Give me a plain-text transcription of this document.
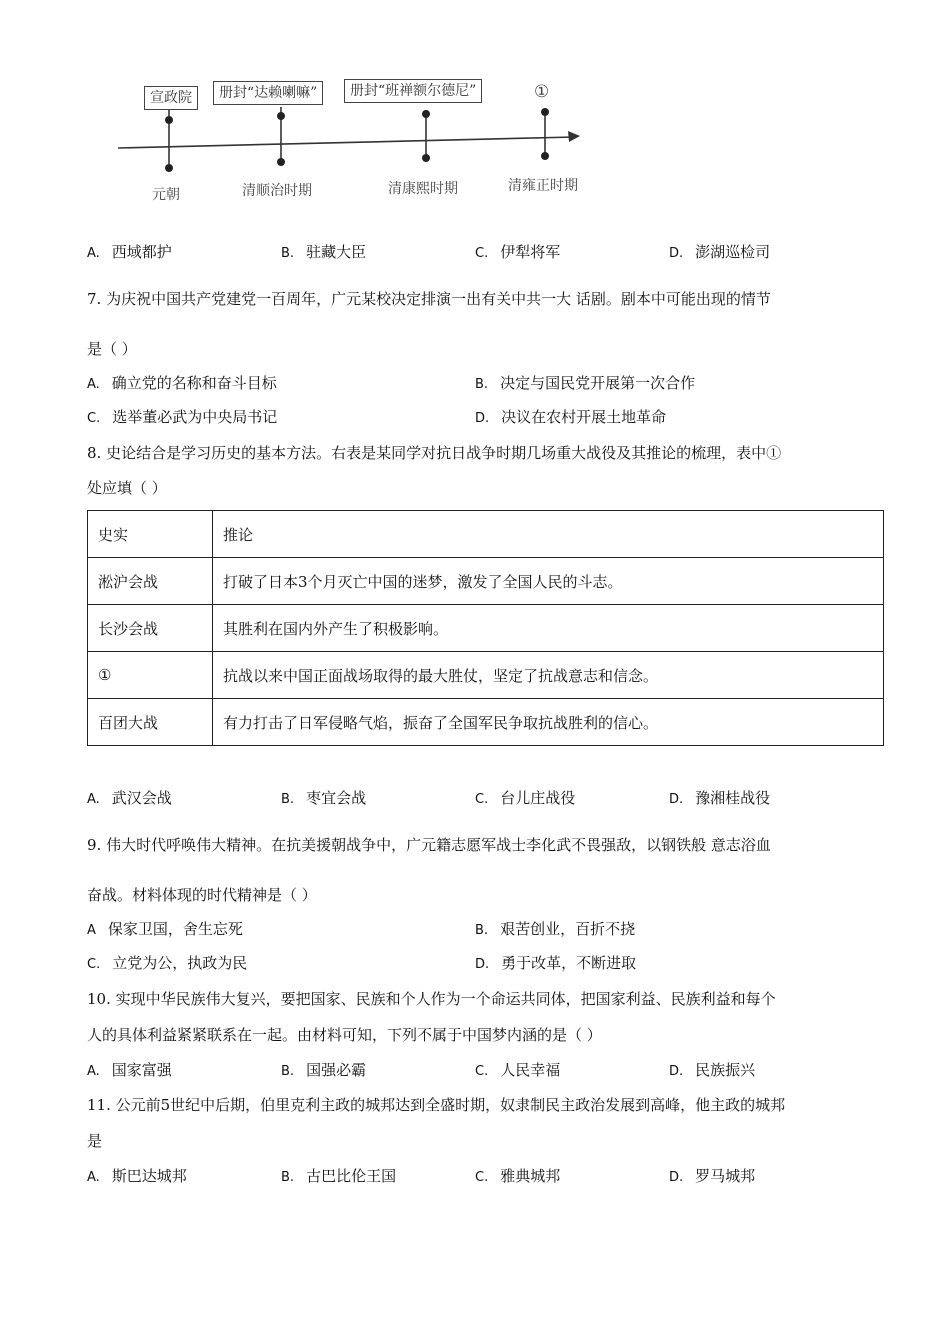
宣政院	册封“达赖喇嘛”	册封“班禅额尔德尼”	①
元朝	清顺治时期	清康熙时期	清雍正时期
A. 西域都护	B. 驻藏大臣	C. 伊犁将军	D. 澎湖巡检司
7. 为庆祝中国共产党建党一百周年，广元某校决定排演一出有关中共一大 话剧。剧本中可能出现的情节
是（ ）
A. 确立党的名称和奋斗目标	B. 决定与国民党开展第一次合作
C. 选举董必武为中央局书记	D. 决议在农村开展土地革命
8. 史论结合是学习历史的基本方法。右表是某同学对抗日战争时期几场重大战役及其推论的梳理，表中①
处应填（ ）
史实	推论
淞沪会战	打破了日本3个月灭亡中国的迷梦，激发了全国人民的斗志。
长沙会战	其胜利在国内外产生了积极影响。
①	抗战以来中国正面战场取得的最大胜仗，坚定了抗战意志和信念。
百团大战	有力打击了日军侵略气焰，振奋了全国军民争取抗战胜利的信心。
A. 武汉会战	B. 枣宜会战	C. 台儿庄战役	D. 豫湘桂战役
9. 伟大时代呼唤伟大精神。在抗美援朝战争中，广元籍志愿军战士李化武不畏强敌，以钢铁般 意志浴血
奋战。材料体现的时代精神是（ ）
A 保家卫国，舍生忘死	B. 艰苦创业，百折不挠
C. 立党为公，执政为民	D. 勇于改革，不断进取
10. 实现中华民族伟大复兴，要把国家、民族和个人作为一个命运共同体，把国家利益、民族利益和每个
人的具体利益紧紧联系在一起。由材料可知，下列不属于中国梦内涵的是（ ）
A. 国家富强	B. 国强必霸	C. 人民幸福	D. 民族振兴
11. 公元前5世纪中后期，伯里克利主政的城邦达到全盛时期，奴隶制民主政治发展到高峰，他主政的城邦
是
A. 斯巴达城邦	B. 古巴比伦王国	C. 雅典城邦	D. 罗马城邦
